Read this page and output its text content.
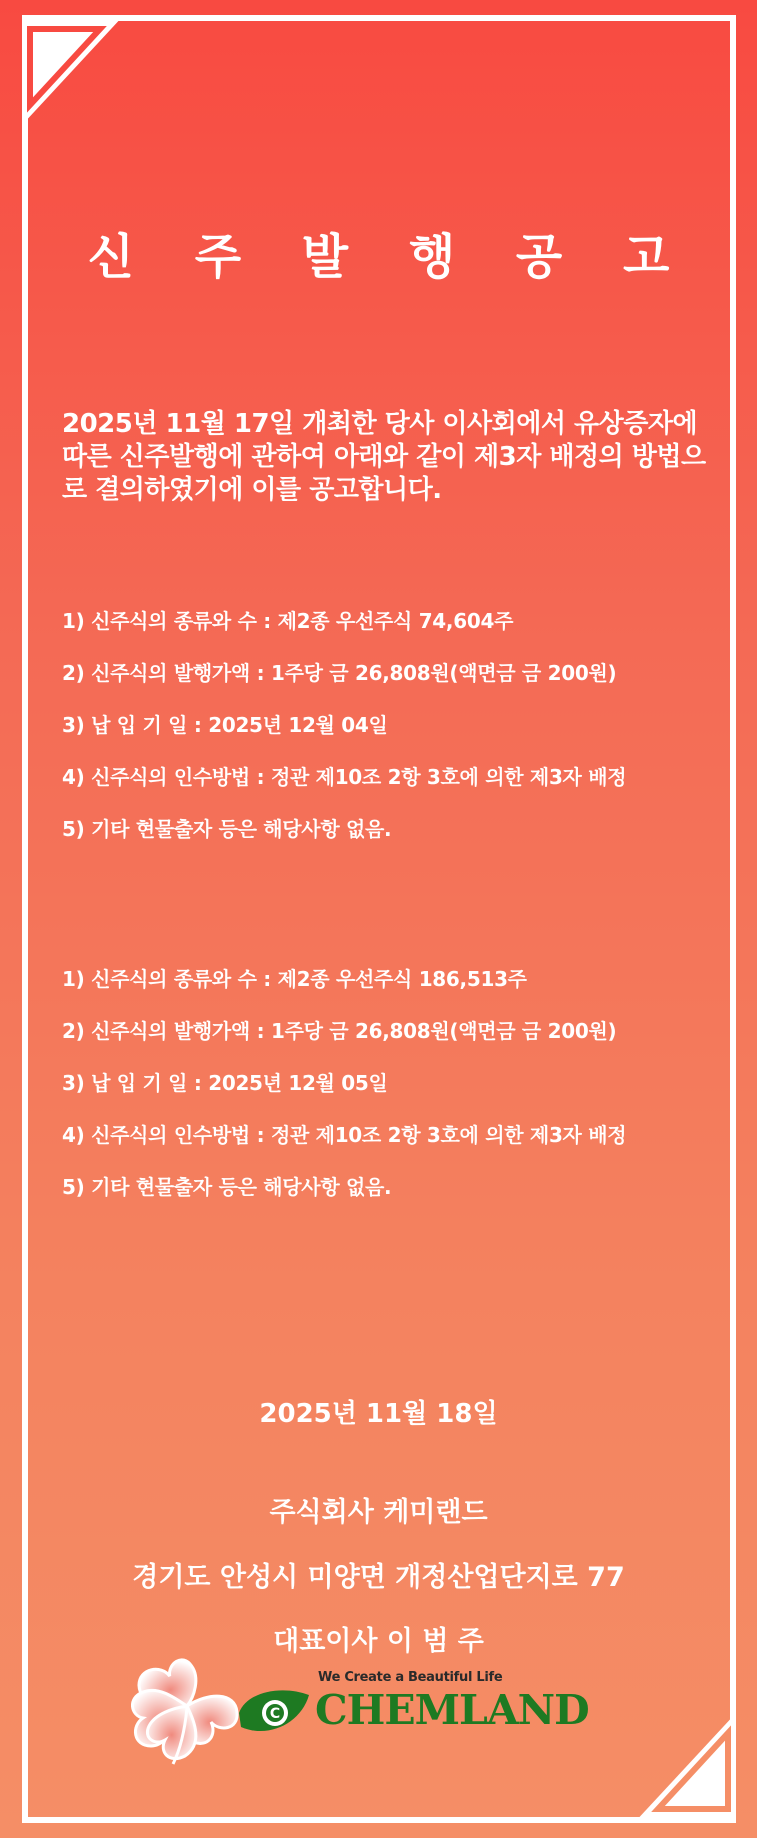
신 주 발 행 공 고
2025년 11월 17일 개최한 당사 이사회에서 유상증자에 따른 신주발행에 관하여 아래와 같이 제3자 배정의 방법으로 결의하였기에 이를 공고합니다.
1) 신주식의 종류와 수 : 제2종 우선주식 74,604주
2) 신주식의 발행가액 : 1주당 금 26,808원(액면금 금 200원)
3) 납 입 기 일 : 2025년 12월 04일
4) 신주식의 인수방법 : 정관 제10조 2항 3호에 의한 제3자 배정
5) 기타 현물출자 등은 해당사항 없음.
1) 신주식의 종류와 수 : 제2종 우선주식 186,513주
2) 신주식의 발행가액 : 1주당 금 26,808원(액면금 금 200원)
3) 납 입 기 일 : 2025년 12월 05일
4) 신주식의 인수방법 : 정관 제10조 2항 3호에 의한 제3자 배정
5) 기타 현물출자 등은 해당사항 없음.
2025년 11월 18일
주식회사 케미랜드
경기도 안성시 미양면 개정산업단지로 77
대표이사 이 범 주
C
We Create a Beautiful Life
CHEMLAND
